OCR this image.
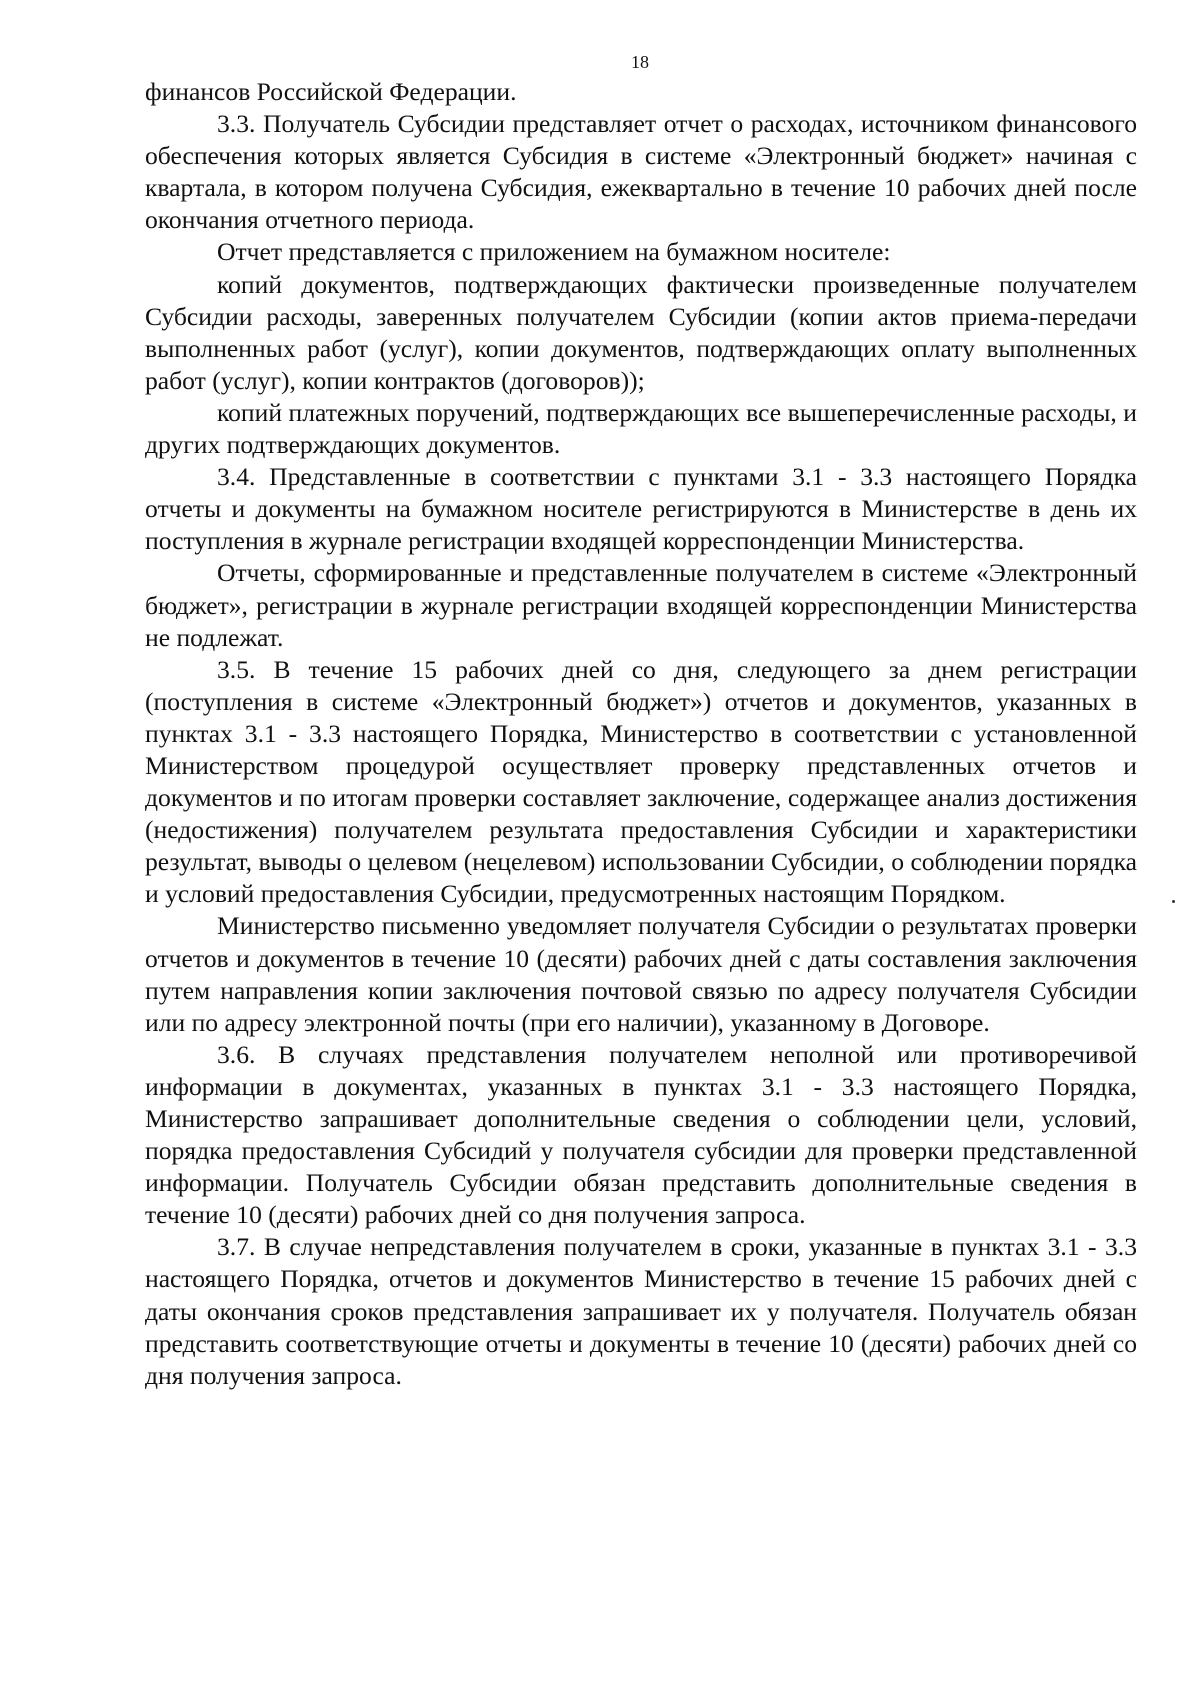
18

финансов Российской Федерации.

3.3. Получатель Субсидии представляет отчет о расходах, источником финансового обеспечения которых является Субсидия в системе «Электронный бюджет» начиная с квартала, в котором получена Субсидия, ежеквартально в течение 10 рабочих дней после окончания отчетного периода.

Отчет представляется с приложением на бумажном носителе:

копий документов, подтверждающих фактически произведенные получателем Субсидии расходы, заверенных получателем Субсидии (копии актов приема-передачи выполненных работ (услуг), копии документов, подтверждающих оплату выполненных работ (услуг), копии контрактов (договоров));

копий платежных поручений, подтверждающих все вышеперечисленные расходы, и других подтверждающих документов.

3.4. Представленные в соответствии с пунктами 3.1 - 3.3 настоящего Порядка отчеты и документы на бумажном носителе регистрируются в Министерстве в день их поступления в журнале регистрации входящей корреспонденции Министерства.

Отчеты, сформированные и представленные получателем в системе «Электронный бюджет», регистрации в журнале регистрации входящей корреспонденции Министерства не подлежат.

3.5. В течение 15 рабочих дней со дня, следующего за днем регистрации (поступления в системе «Электронный бюджет») отчетов и документов, указанных в пунктах 3.1 - 3.3 настоящего Порядка, Министерство в соответствии с установленной Министерством процедурой осуществляет проверку представленных отчетов и документов и по итогам проверки составляет заключение, содержащее анализ достижения (недостижения) получателем результата предоставления Субсидии и характеристики результат, выводы о целевом (нецелевом) использовании Субсидии, о соблюдении порядка и условий предоставления Субсидии, предусмотренных настоящим Порядком.

Министерство письменно уведомляет получателя Субсидии о результатах проверки отчетов и документов в течение 10 (десяти) рабочих дней с даты составления заключения путем направления копии заключения почтовой связью по адресу получателя Субсидии или по адресу электронной почты (при его наличии), указанному в Договоре.

3.6. В случаях представления получателем неполной или противоречивой информации в документах, указанных в пунктах 3.1 - 3.3 настоящего Порядка, Министерство запрашивает дополнительные сведения о соблюдении цели, условий, порядка предоставления Субсидий у получателя субсидии для проверки представленной информации. Получатель Субсидии обязан представить дополнительные сведения в течение 10 (десяти) рабочих дней со дня получения запроса.

3.7. В случае непредставления получателем в сроки, указанные в пунктах 3.1 - 3.3 настоящего Порядка, отчетов и документов Министерство в течение 15 рабочих дней с даты окончания сроков представления запрашивает их у получателя. Получатель обязан представить соответствующие отчеты и документы в течение 10 (десяти) рабочих дней со дня получения запроса.
